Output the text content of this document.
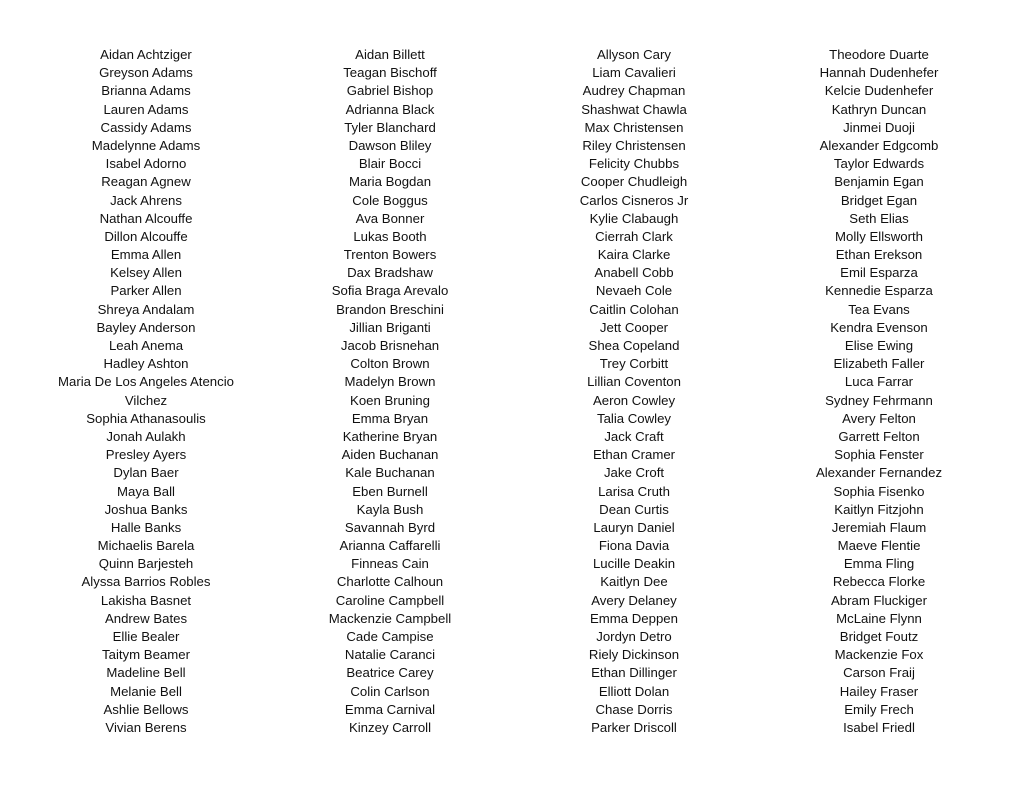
Aidan Achtziger
Greyson Adams
Brianna Adams
Lauren Adams
Cassidy Adams
Madelynne Adams
Isabel Adorno
Reagan Agnew
Jack Ahrens
Nathan Alcouffe
Dillon Alcouffe
Emma Allen
Kelsey Allen
Parker Allen
Shreya Andalam
Bayley Anderson
Leah Anema
Hadley Ashton
Maria De Los Angeles Atencio
Vilchez
Sophia Athanasoulis
Jonah Aulakh
Presley Ayers
Dylan Baer
Maya Ball
Joshua Banks
Halle Banks
Michaelis Barela
Quinn Barjesteh
Alyssa Barrios Robles
Lakisha Basnet
Andrew Bates
Ellie Bealer
Taitym Beamer
Madeline Bell
Melanie Bell
Ashlie Bellows
Vivian Berens
Aidan Billett
Teagan Bischoff
Gabriel Bishop
Adrianna Black
Tyler Blanchard
Dawson Bliley
Blair Bocci
Maria Bogdan
Cole Boggus
Ava Bonner
Lukas Booth
Trenton Bowers
Dax Bradshaw
Sofia Braga Arevalo
Brandon Breschini
Jillian Briganti
Jacob Brisnehan
Colton Brown
Madelyn Brown
Koen Bruning
Emma Bryan
Katherine Bryan
Aiden Buchanan
Kale Buchanan
Eben Burnell
Kayla Bush
Savannah Byrd
Arianna Caffarelli
Finneas Cain
Charlotte Calhoun
Caroline Campbell
Mackenzie Campbell
Cade Campise
Natalie Caranci
Beatrice Carey
Colin Carlson
Emma Carnival
Kinzey Carroll
Allyson Cary
Liam Cavalieri
Audrey Chapman
Shashwat Chawla
Max Christensen
Riley Christensen
Felicity Chubbs
Cooper Chudleigh
Carlos Cisneros Jr
Kylie Clabaugh
Cierrah Clark
Kaira Clarke
Anabell Cobb
Nevaeh Cole
Caitlin Colohan
Jett Cooper
Shea Copeland
Trey Corbitt
Lillian Coventon
Aeron Cowley
Talia Cowley
Jack Craft
Ethan Cramer
Jake Croft
Larisa Cruth
Dean Curtis
Lauryn Daniel
Fiona Davia
Lucille Deakin
Kaitlyn Dee
Avery Delaney
Emma Deppen
Jordyn Detro
Riely Dickinson
Ethan Dillinger
Elliott Dolan
Chase Dorris
Parker Driscoll
Theodore Duarte
Hannah Dudenhefer
Kelcie Dudenhefer
Kathryn Duncan
Jinmei Duoji
Alexander Edgcomb
Taylor Edwards
Benjamin Egan
Bridget Egan
Seth Elias
Molly Ellsworth
Ethan Erekson
Emil Esparza
Kennedie Esparza
Tea Evans
Kendra Evenson
Elise Ewing
Elizabeth Faller
Luca Farrar
Sydney Fehrmann
Avery Felton
Garrett Felton
Sophia Fenster
Alexander Fernandez
Sophia Fisenko
Kaitlyn Fitzjohn
Jeremiah Flaum
Maeve Flentie
Emma Fling
Rebecca Florke
Abram Fluckiger
McLaine Flynn
Bridget Foutz
Mackenzie Fox
Carson Fraij
Hailey Fraser
Emily Frech
Isabel Friedl
